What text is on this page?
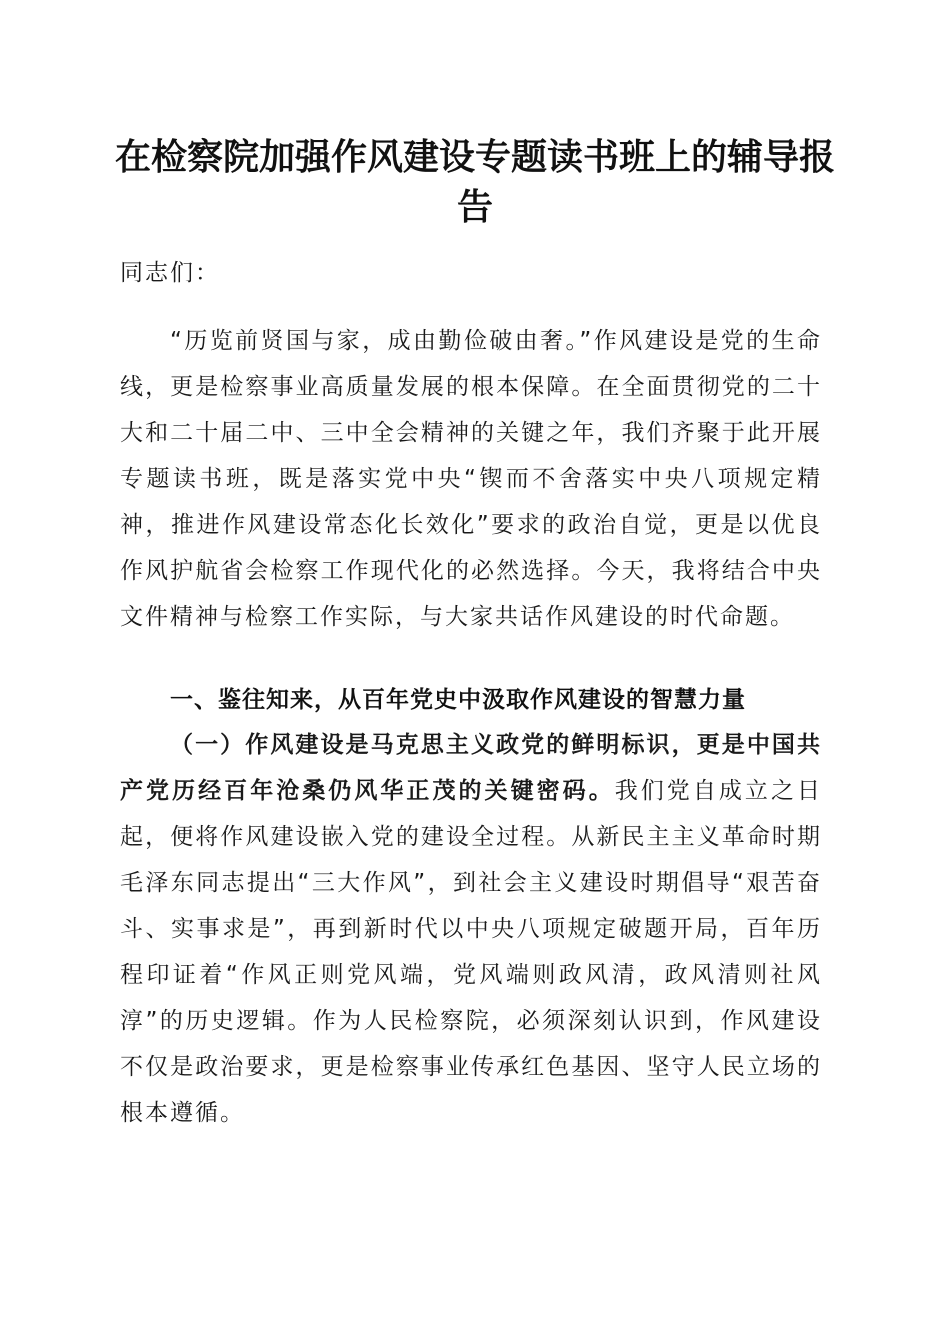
在检察院加强作风建设专题读书班上的辅导报告

同志们：

“历览前贤国与家，成由勤俭破由奢。”作风建设是党的生命线，更是检察事业高质量发展的根本保障。在全面贯彻党的二十大和二十届二中、三中全会精神的关键之年，我们齐聚于此开展专题读书班，既是落实党中央“锲而不舍落实中央八项规定精神，推进作风建设常态化长效化”要求的政治自觉，更是以优良作风护航省会检察工作现代化的必然选择。今天，我将结合中央文件精神与检察工作实际，与大家共话作风建设的时代命题。

一、鉴往知来，从百年党史中汲取作风建设的智慧力量

（一）作风建设是马克思主义政党的鲜明标识，更是中国共产党历经百年沧桑仍风华正茂的关键密码。我们党自成立之日起，便将作风建设嵌入党的建设全过程。从新民主主义革命时期毛泽东同志提出“三大作风”，到社会主义建设时期倡导“艰苦奋斗、实事求是”，再到新时代以中央八项规定破题开局，百年历程印证着“作风正则党风端，党风端则政风清，政风清则社风淳”的历史逻辑。作为人民检察院，必须深刻认识到，作风建设不仅是政治要求，更是检察事业传承红色基因、坚守人民立场的根本遵循。
